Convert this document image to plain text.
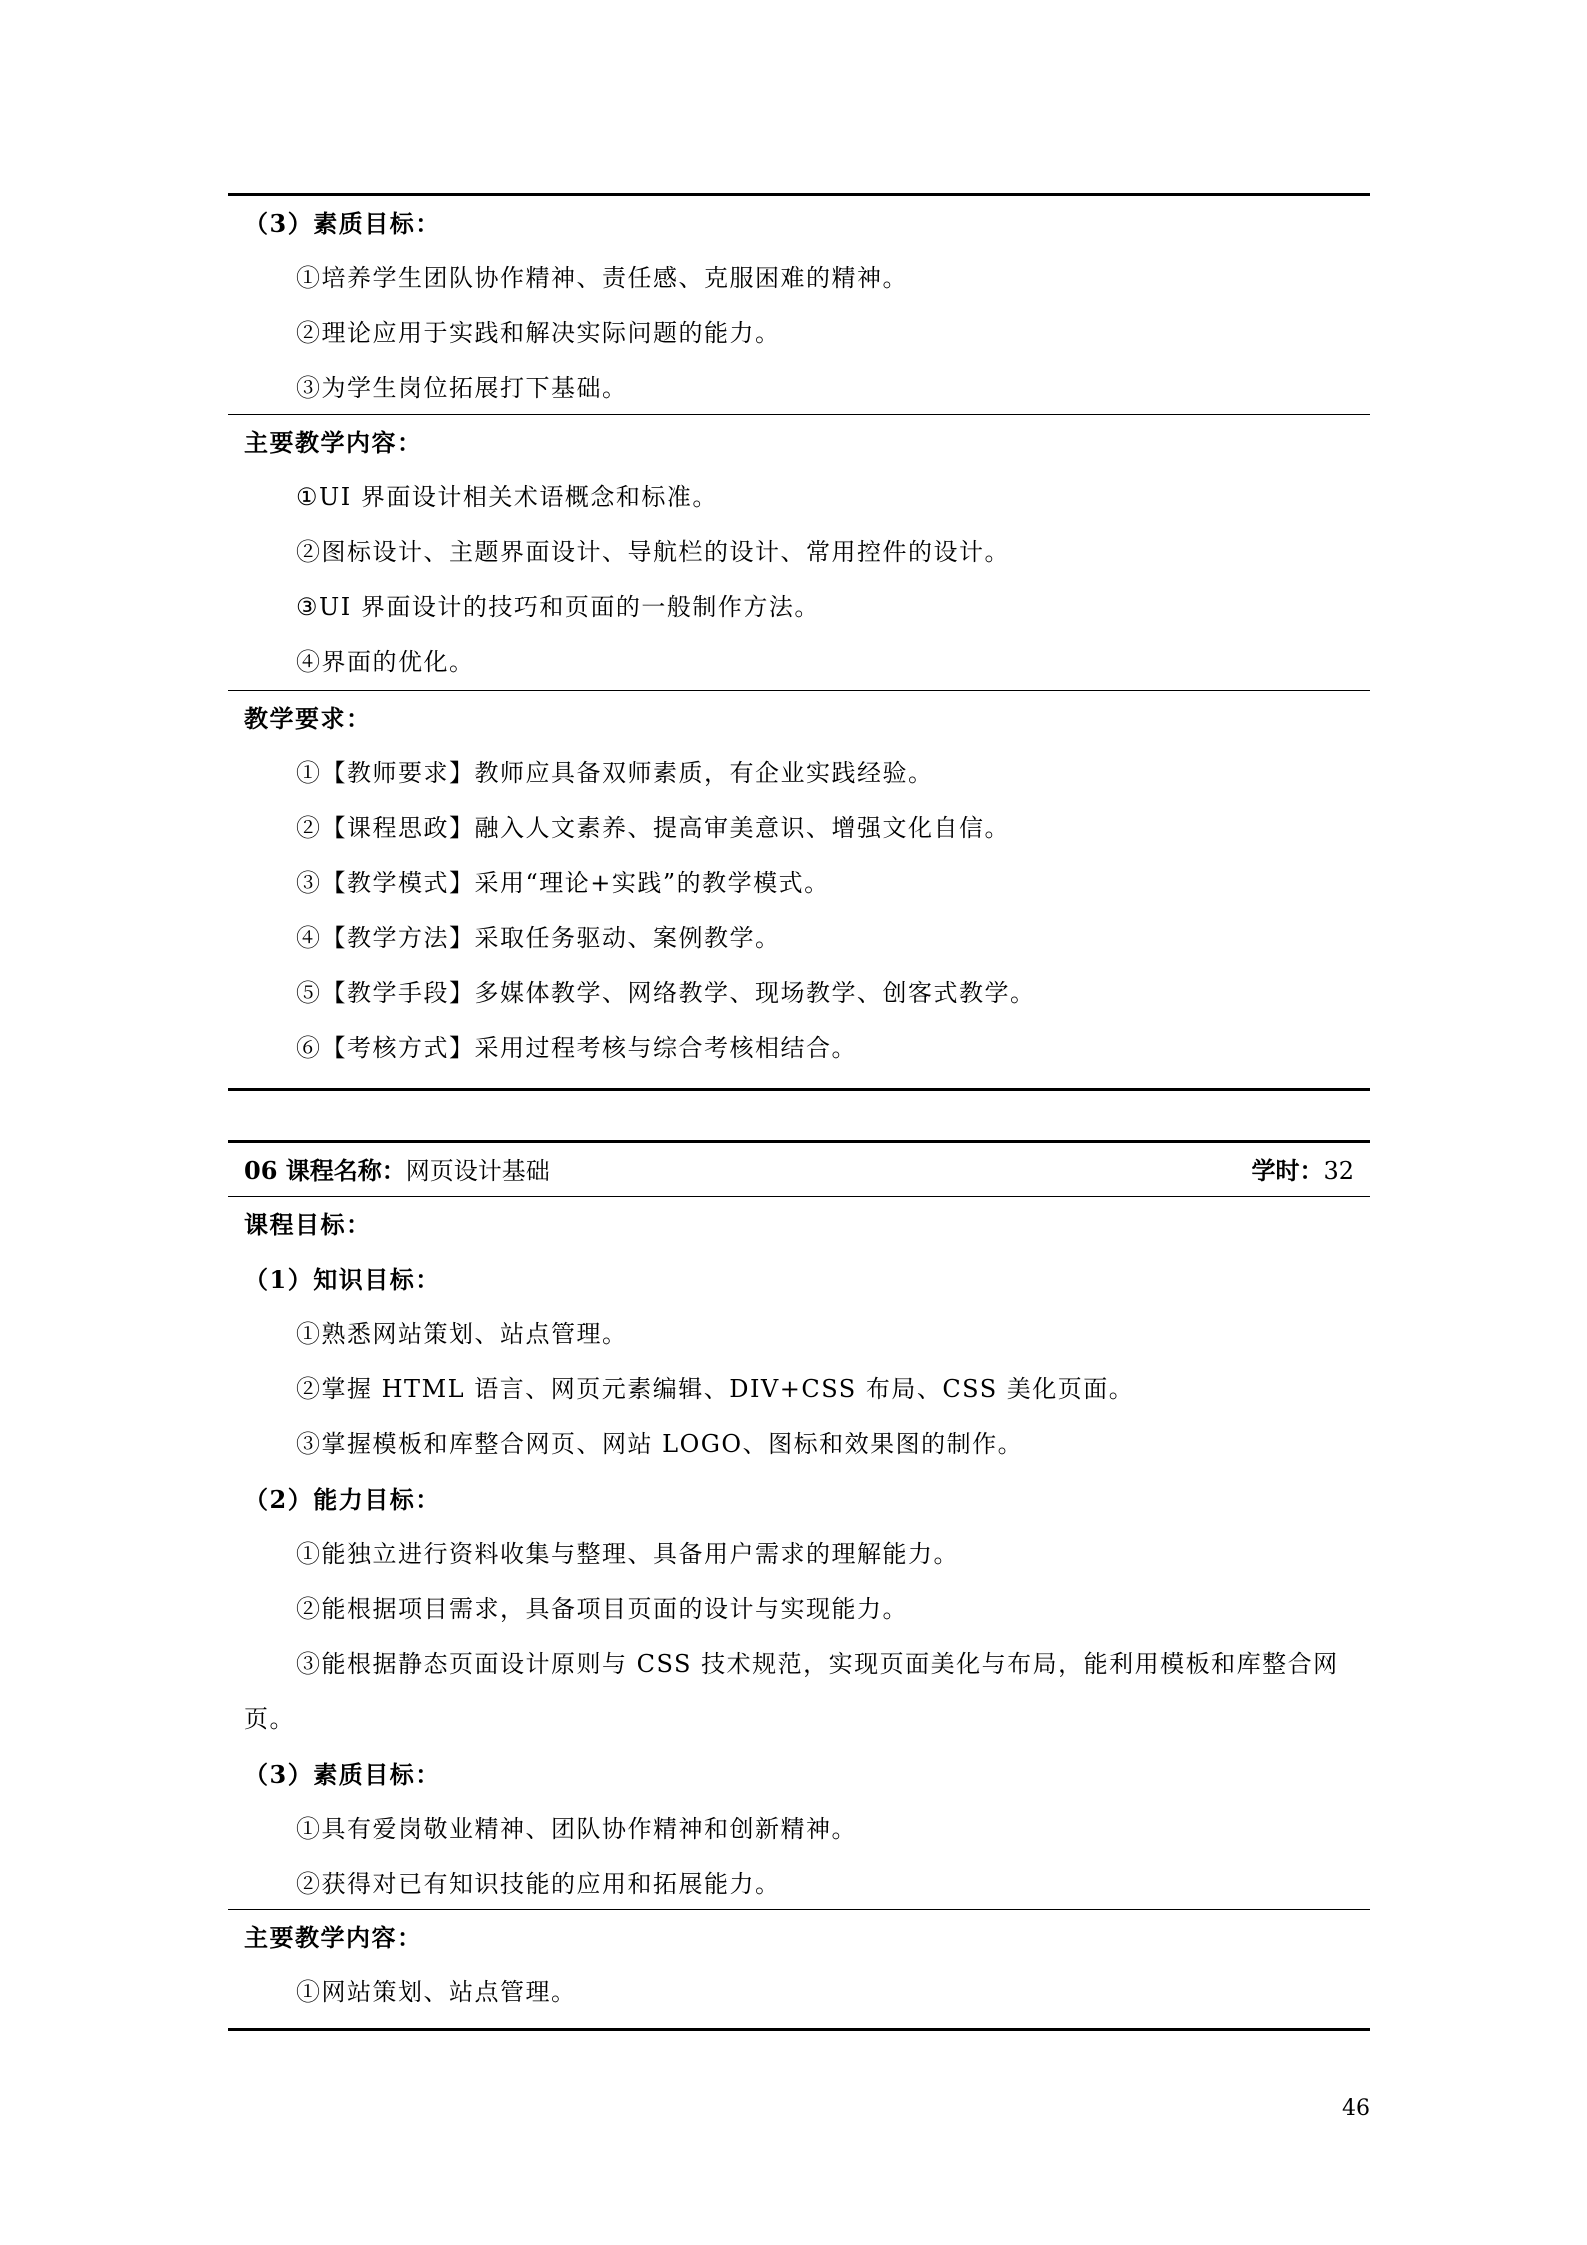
（3）素质目标：
①培养学生团队协作精神、责任感、克服困难的精神。
②理论应用于实践和解决实际问题的能力。
③为学生岗位拓展打下基础。
主要教学内容：
①UI 界面设计相关术语概念和标准。
②图标设计、主题界面设计、导航栏的设计、常用控件的设计。
③UI 界面设计的技巧和页面的一般制作方法。
④界面的优化。
教学要求：
①【教师要求】教师应具备双师素质，有企业实践经验。
②【课程思政】融入人文素养、提高审美意识、增强文化自信。
③【教学模式】采用“理论+实践”的教学模式。
④【教学方法】采取任务驱动、案例教学。
⑤【教学手段】多媒体教学、网络教学、现场教学、创客式教学。
⑥【考核方式】采用过程考核与综合考核相结合。
06 课程名称：网页设计基础	学时：32
课程目标：
（1）知识目标：
①熟悉网站策划、站点管理。
②掌握 HTML 语言、网页元素编辑、DIV+CSS 布局、CSS 美化页面。
③掌握模板和库整合网页、网站 LOGO、图标和效果图的制作。
（2）能力目标：
①能独立进行资料收集与整理、具备用户需求的理解能力。
②能根据项目需求，具备项目页面的设计与实现能力。
③能根据静态页面设计原则与 CSS 技术规范，实现页面美化与布局，能利用模板和库整合网页。
（3）素质目标：
①具有爱岗敬业精神、团队协作精神和创新精神。
②获得对已有知识技能的应用和拓展能力。
主要教学内容：
①网站策划、站点管理。
46
